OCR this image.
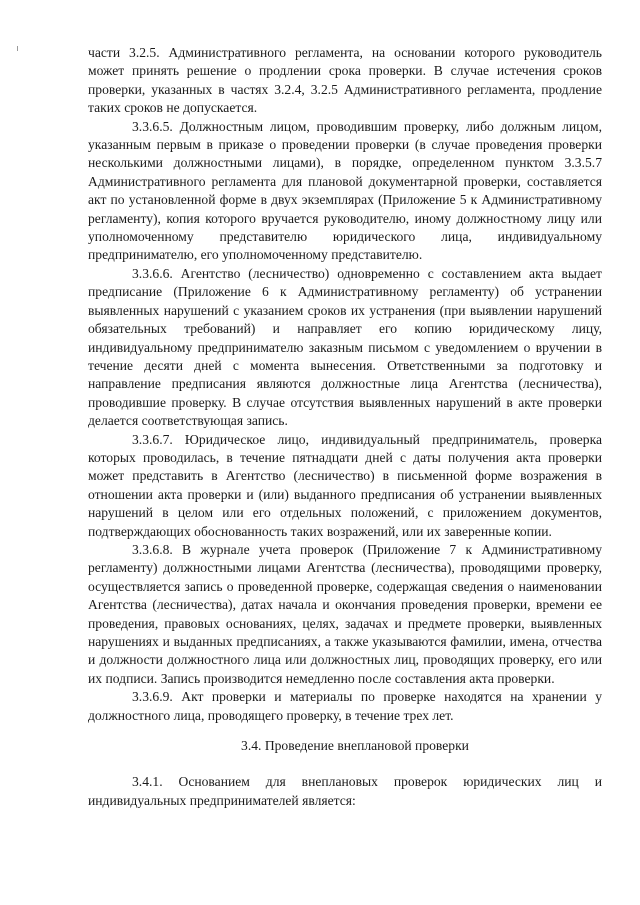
части 3.2.5. Административного регламента, на основании которого руководитель может принять решение о продлении срока проверки. В случае истечения сроков проверки, указанных в частях 3.2.4, 3.2.5 Административного регламента, продление таких сроков не допускается.

3.3.6.5. Должностным лицом, проводившим проверку, либо должным лицом, указанным первым в приказе о проведении проверки (в случае проведения проверки несколькими должностными лицами), в порядке, определенном пунктом 3.3.5.7 Административного регламента для плановой документарной проверки, составляется акт по установленной форме в двух экземплярах (Приложение 5 к Административному регламенту), копия которого вручается руководителю, иному должностному лицу или уполномоченному представителю юридического лица, индивидуальному предпринимателю, его уполномоченному представителю.

3.3.6.6. Агентство (лесничество) одновременно с составлением акта выдает предписание (Приложение 6 к Административному регламенту) об устранении выявленных нарушений с указанием сроков их устранения (при выявлении нарушений обязательных требований) и направляет его копию юридическому лицу, индивидуальному предпринимателю заказным письмом с уведомлением о вручении в течение десяти дней с момента вынесения. Ответственными за подготовку и направление предписания являются должностные лица Агентства (лесничества), проводившие проверку. В случае отсутствия выявленных нарушений в акте проверки делается соответствующая запись.

3.3.6.7. Юридическое лицо, индивидуальный предприниматель, проверка которых проводилась, в течение пятнадцати дней с даты получения акта проверки может представить в Агентство (лесничество) в письменной форме возражения в отношении акта проверки и (или) выданного предписания об устранении выявленных нарушений в целом или его отдельных положений, с приложением документов, подтверждающих обоснованность таких возражений, или их заверенные копии.

3.3.6.8. В журнале учета проверок (Приложение 7 к Административному регламенту) должностными лицами Агентства (лесничества), проводящими проверку, осуществляется запись о проведенной проверке, содержащая сведения о наименовании Агентства (лесничества), датах начала и окончания проведения проверки, времени ее проведения, правовых основаниях, целях, задачах и предмете проверки, выявленных нарушениях и выданных предписаниях, а также указываются фамилии, имена, отчества и должности должностного лица или должностных лиц, проводящих проверку, его или их подписи. Запись производится немедленно после составления акта проверки.

3.3.6.9. Акт проверки и материалы по проверке находятся на хранении у должностного лица, проводящего проверку, в течение трех лет.

3.4. Проведение внеплановой проверки

3.4.1. Основанием для внеплановых проверок юридических лиц и индивидуальных предпринимателей является:
